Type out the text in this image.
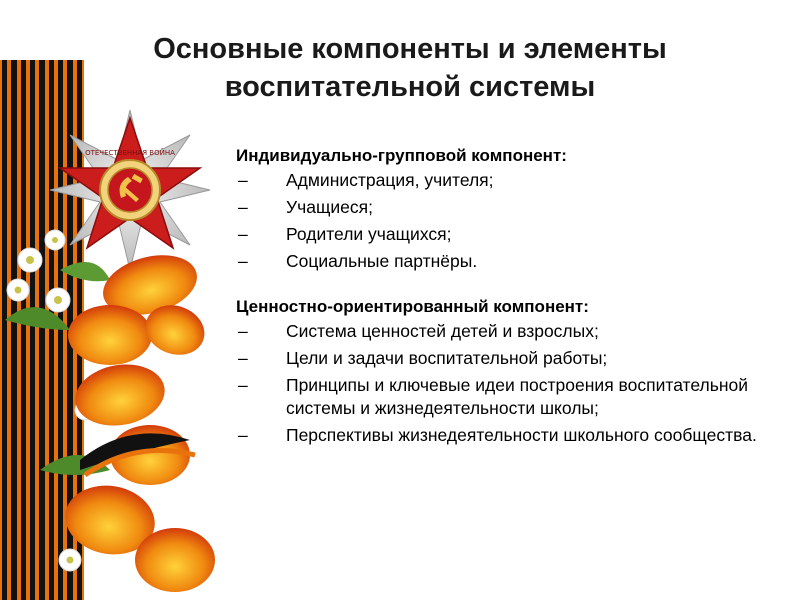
ОТЕЧЕСТВЕННАЯ ВОЙНА
Основные компоненты и элементы
воспитательной системы
Индивидуально-групповой компонент:
– Администрация, учителя;
– Учащиеся;
– Родители учащихся;
– Социальные партнёры.
Ценностно-ориентированный компонент:
– Система ценностей детей и взрослых;
– Цели и задачи воспитательной работы;
– Принципы и ключевые идеи построения воспитательной системы и жизнедеятельности школы;
– Перспективы жизнедеятельности школьного сообщества.
